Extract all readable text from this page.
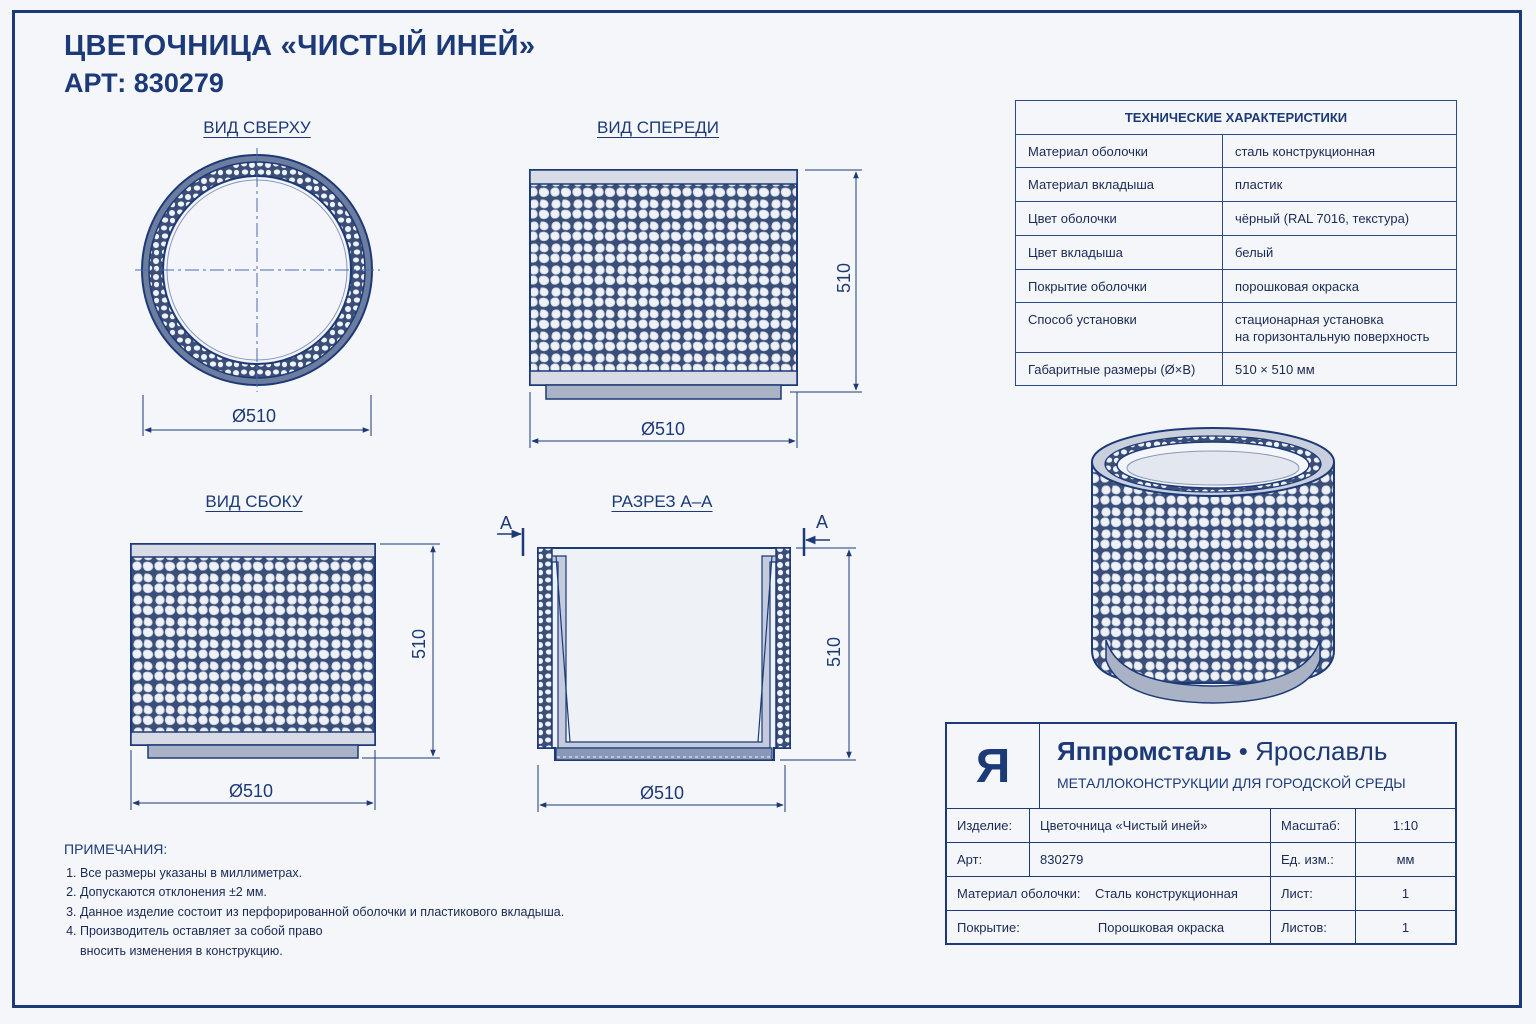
ЦВЕТОЧНИЦА «ЧИСТЫЙ ИНЕЙ»
АРТ: 830279
ВИД СВЕРХУ	ВИД СПЕРЕДИ
ВИД СБОКУ	РАЗРЕЗ А–А
Ø510
Ø510
Ø510	Ø510
510
510	510
А	А
ТЕХНИЧЕСКИЕ ХАРАКТЕРИСТИКИ	
Материал оболочки	сталь конструкционная
Материал вкладыша	пластик
Цвет оболочки	чёрный (RAL 7016, текстура)
Цвет вкладыша	белый
Покрытие оболочки	порошковая окраска
Способ установки	стационарная установка
на горизонтальную поверхность

Габаритные размеры (Ø×В)	510 × 510 мм
ПРИМЕЧАНИЯ:
1. Все размеры указаны в миллиметрах.
2. Допускаются отклонения ±2 мм.
3. Данное изделие состоит из перфорированной оболочки и пластикового вкладыша.
4. Производитель оставляет за собой право
вносить изменения в конструкцию.
Я Яппромсталь • Ярославль
МЕТАЛЛОКОНСТРУКЦИИ ДЛЯ ГОРОДСКОЙ СРЕДЫ
Изделие:	Цветочница «Чистый иней»	Масштаб:	1:10
Арт:	830279	Ед. изм.:	мм
Материал оболочки: Сталь конструкционная		Лист:	1
Покрытие: Порошковая окраска		Листов:	1
